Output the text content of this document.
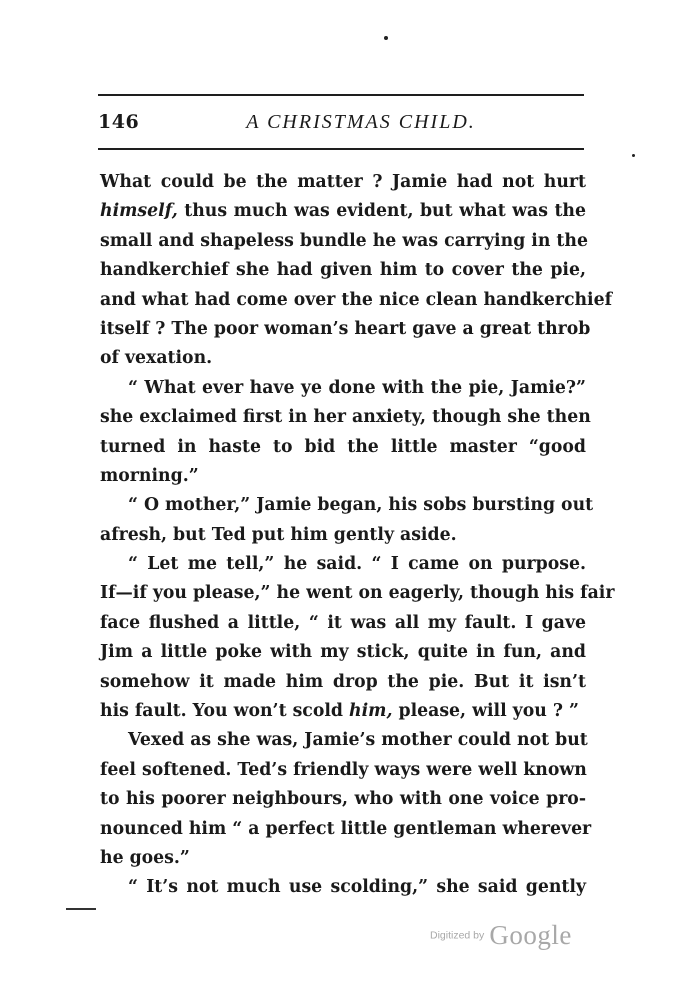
146	A CHRISTMAS CHILD.
What could be the matter ? Jamie had not hurt
himself, thus much was evident, but what was the
small and shapeless bundle he was carrying in the
handkerchief she had given him to cover the pie,
and what had come over the nice clean handkerchief
itself ? The poor woman’s heart gave a great throb
of vexation.
“ What ever have ye done with the pie, Jamie?”
she exclaimed first in her anxiety, though she then
turned in haste to bid the little master “good
morning.”
“ O mother,” Jamie began, his sobs bursting out
afresh, but Ted put him gently aside.
“ Let me tell,” he said. “ I came on purpose.
If—if you please,” he went on eagerly, though his fair
face flushed a little, “ it was all my fault. I gave
Jim a little poke with my stick, quite in fun, and
somehow it made him drop the pie. But it isn’t
his fault. You won’t scold him, please, will you ? ”
Vexed as she was, Jamie’s mother could not but
feel softened. Ted’s friendly ways were well known
to his poorer neighbours, who with one voice pro-
nounced him “ a perfect little gentleman wherever
he goes.”
“ It’s not much use scolding,” she said gently
Digitized by Google
